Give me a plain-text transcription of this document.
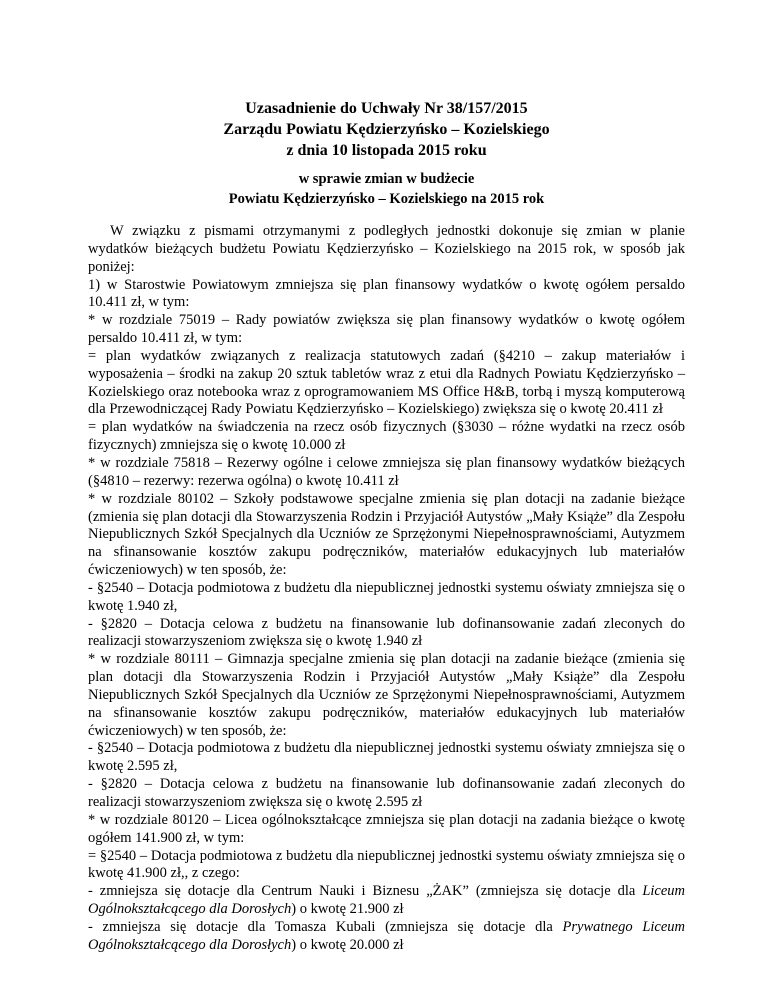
Uzasadnienie do Uchwały Nr 38/157/2015
Zarządu Powiatu Kędzierzyńsko – Kozielskiego
z dnia 10 listopada 2015 roku
w sprawie zmian w budżecie
Powiatu Kędzierzyńsko – Kozielskiego na 2015 rok

W związku z pismami otrzymanymi z podległych jednostki dokonuje się zmian w planie wydatków bieżących budżetu Powiatu Kędzierzyńsko – Kozielskiego na 2015 rok, w sposób jak poniżej:

1) w Starostwie Powiatowym zmniejsza się plan finansowy wydatków o kwotę ogółem persaldo 10.411 zł, w tym:

* w rozdziale 75019 – Rady powiatów zwiększa się plan finansowy wydatków o kwotę ogółem persaldo 10.411 zł, w tym:

= plan wydatków związanych z realizacja statutowych zadań (§4210 – zakup materiałów i wyposażenia – środki na zakup 20 sztuk tabletów wraz z etui dla Radnych Powiatu Kędzierzyńsko – Kozielskiego oraz notebooka wraz z oprogramowaniem MS Office H&B, torbą i myszą komputerową dla Przewodniczącej Rady Powiatu Kędzierzyńsko – Kozielskiego) zwiększa się o kwotę 20.411 zł

= plan wydatków na świadczenia na rzecz osób fizycznych (§3030 – różne wydatki na rzecz osób fizycznych) zmniejsza się o kwotę 10.000 zł

* w rozdziale 75818 – Rezerwy ogólne i celowe zmniejsza się plan finansowy wydatków bieżących (§4810 – rezerwy: rezerwa ogólna) o kwotę 10.411 zł

* w rozdziale 80102 – Szkoły podstawowe specjalne zmienia się plan dotacji na zadanie bieżące (zmienia się plan dotacji dla Stowarzyszenia Rodzin i Przyjaciół Autystów „Mały Książe” dla Zespołu Niepublicznych Szkół Specjalnych dla Uczniów ze Sprzężonymi Niepełnosprawnościami, Autyzmem na sfinansowanie kosztów zakupu podręczników, materiałów edukacyjnych lub materiałów ćwiczeniowych) w ten sposób, że:

- §2540 – Dotacja podmiotowa z budżetu dla niepublicznej jednostki systemu oświaty zmniejsza się o kwotę 1.940 zł,

- §2820 – Dotacja celowa z budżetu na finansowanie lub dofinansowanie zadań zleconych do realizacji stowarzyszeniom zwiększa się o kwotę 1.940 zł

* w rozdziale 80111 – Gimnazja specjalne zmienia się plan dotacji na zadanie bieżące (zmienia się plan dotacji dla Stowarzyszenia Rodzin i Przyjaciół Autystów „Mały Książe” dla Zespołu Niepublicznych Szkół Specjalnych dla Uczniów ze Sprzężonymi Niepełnosprawnościami, Autyzmem na sfinansowanie kosztów zakupu podręczników, materiałów edukacyjnych lub materiałów ćwiczeniowych) w ten sposób, że:

- §2540 – Dotacja podmiotowa z budżetu dla niepublicznej jednostki systemu oświaty zmniejsza się o kwotę 2.595 zł,

- §2820 – Dotacja celowa z budżetu na finansowanie lub dofinansowanie zadań zleconych do realizacji stowarzyszeniom zwiększa się o kwotę 2.595 zł

* w rozdziale 80120 – Licea ogólnokształcące zmniejsza się plan dotacji na zadania bieżące o kwotę ogółem 141.900 zł, w tym:

= §2540 – Dotacja podmiotowa z budżetu dla niepublicznej jednostki systemu oświaty zmniejsza się o kwotę 41.900 zł,, z czego:

- zmniejsza się dotacje dla Centrum Nauki i Biznesu „ŻAK” (zmniejsza się dotacje dla Liceum Ogólnokształcącego dla Dorosłych) o kwotę 21.900 zł

- zmniejsza się dotacje dla Tomasza Kubali (zmniejsza się dotacje dla Prywatnego Liceum Ogólnokształcącego dla Dorosłych) o kwotę 20.000 zł
